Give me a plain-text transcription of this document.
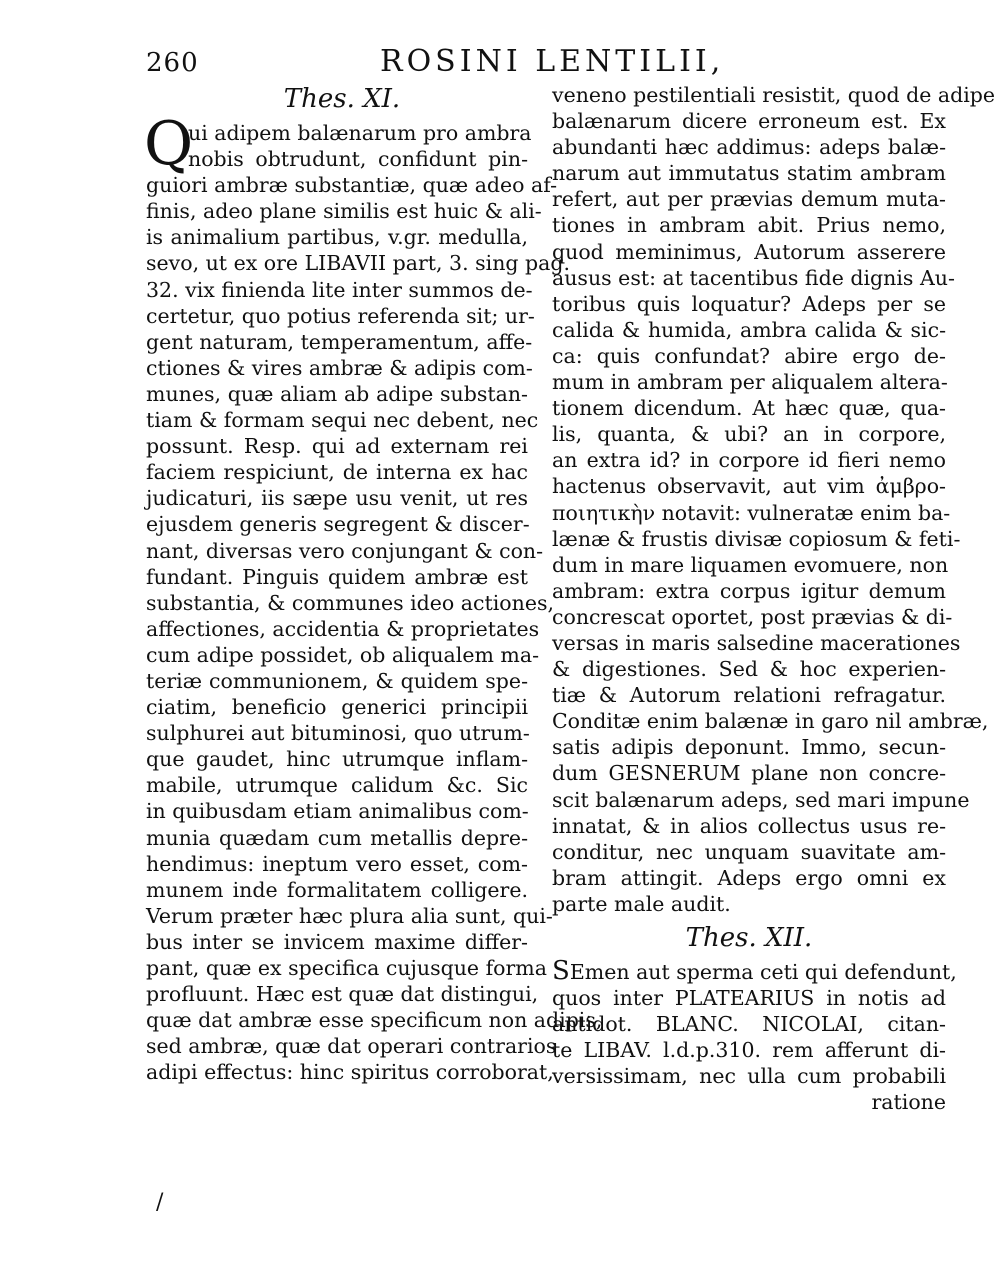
260	ROSINI LENTILII,
Thes. XI.
Q
ui adipem balænarum pro ambra
nobis obtrudunt, confidunt pin-
guiori ambræ substantiæ, quæ adeo af-
finis, adeo plane similis est huic & ali-
is animalium partibus, v.gr. medulla,
sevo, ut ex ore LIBAVII part, 3. sing pag.
32. vix finienda lite inter summos de-
certetur, quo potius referenda sit; ur-
gent naturam, temperamentum, affe-
ctiones & vires ambræ & adipis com-
munes, quæ aliam ab adipe substan-
tiam & formam sequi nec debent, nec
possunt. Resp. qui ad externam rei
faciem respiciunt, de interna ex hac
judicaturi, iis sæpe usu venit, ut res
ejusdem generis segregent & discer-
nant, diversas vero conjungant & con-
fundant. Pinguis quidem ambræ est
substantia, & communes ideo actiones,
affectiones, accidentia & proprietates
cum adipe possidet, ob aliqualem ma-
teriæ communionem, & quidem spe-
ciatim, beneficio generici principii
sulphurei aut bituminosi, quo utrum-
que gaudet, hinc utrumque inflam-
mabile, utrumque calidum &c. Sic
in quibusdam etiam animalibus com-
munia quædam cum metallis depre-
hendimus: ineptum vero esset, com-
munem inde formalitatem colligere.
Verum præter hæc plura alia sunt, qui-
bus inter se invicem maxime differ-
pant, quæ ex specifica cujusque forma
profluunt. Hæc est quæ dat distingui,
quæ dat ambræ esse specificum non adipis,
sed ambræ, quæ dat operari contrarios
adipi effectus: hinc spiritus corroborat,
veneno pestilentiali resistit, quod de adipe
balænarum dicere erroneum est. Ex
abundanti hæc addimus: adeps balæ-
narum aut immutatus statim ambram
refert, aut per prævias demum muta-
tiones in ambram abit. Prius nemo,
quod meminimus, Autorum asserere
ausus est: at tacentibus fide dignis Au-
toribus quis loquatur? Adeps per se
calida & humida, ambra calida & sic-
ca: quis confundat? abire ergo de-
mum in ambram per aliqualem altera-
tionem dicendum. At hæc quæ, qua-
lis, quanta, & ubi? an in corpore,
an extra id? in corpore id fieri nemo
hactenus observavit, aut vim ἀμβρο-
ποιητικὴν notavit: vulneratæ enim ba-
lænæ & frustis divisæ copiosum & feti-
dum in mare liquamen evomuere, non
ambram: extra corpus igitur demum
concrescat oportet, post prævias & di-
versas in maris salsedine macerationes
& digestiones. Sed & hoc experien-
tiæ & Autorum relationi refragatur.
Conditæ enim balænæ in garo nil ambræ,
satis adipis deponunt. Immo, secun-
dum GESNERUM plane non concre-
scit balænarum adeps, sed mari impune
innatat, & in alios collectus usus re-
conditur, nec unquam suavitate am-
bram attingit. Adeps ergo omni ex
parte male audit.
Thes. XII.
SEmen aut sperma ceti qui defendunt,
quos inter PLATEARIUS in notis ad
antidot. BLANC. NICOLAI, citan-
te LIBAV. l.d.p.310. rem afferunt di-
versissimam, nec ulla cum probabili
ratione
/
